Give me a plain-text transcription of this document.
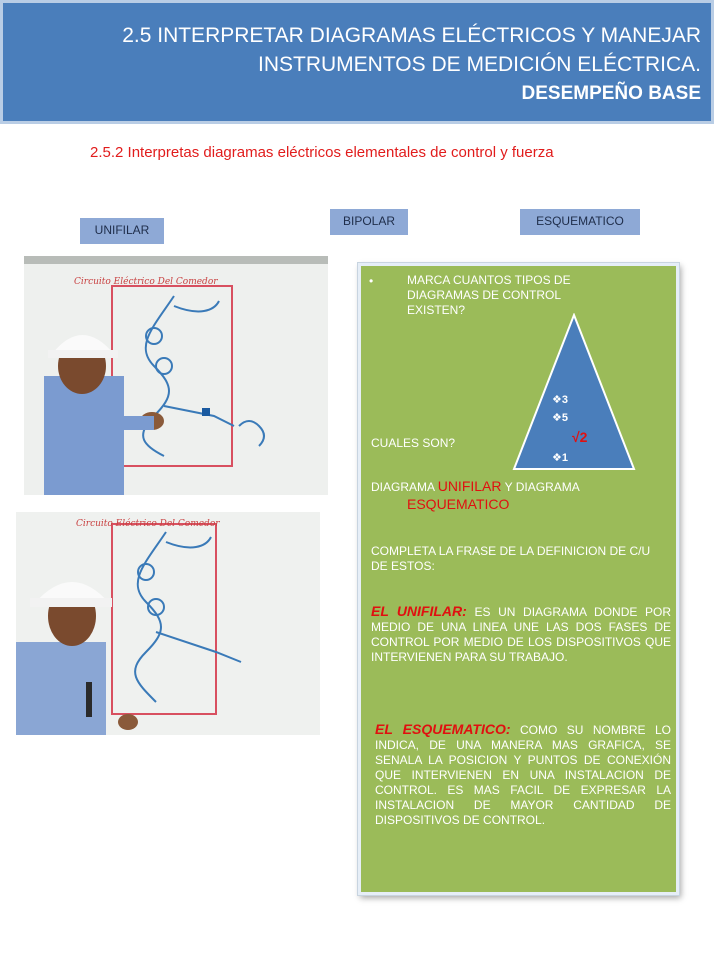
2.5 INTERPRETAR DIAGRAMAS ELÉCTRICOS Y MANEJAR
INSTRUMENTOS DE MEDICIÓN ELÉCTRICA.
DESEMPEÑO BASE
2.5.2 Interpretas diagramas eléctricos elementales de control y fuerza
UNIFILAR
BIPOLAR	ESQUEMATICO
Circuito Eléctrico Del Comedor
Circuito Eléctrico Del Comedor
•	MARCA CUANTOS TIPOS DE DIAGRAMAS DE CONTROL EXISTEN?
CUALES SON?
DIAGRAMA UNIFILAR Y DIAGRAMA
ESQUEMATICO
COMPLETA LA FRASE DE LA DEFINICION DE C/U DE ESTOS:
EL UNIFILAR: ES UN DIAGRAMA DONDE POR MEDIO DE UNA LINEA UNE LAS DOS FASES DE CONTROL POR MEDIO DE LOS DISPOSITIVOS QUE INTERVIENEN PARA SU TRABAJO.
EL ESQUEMATICO: COMO SU NOMBRE LO INDICA, DE UNA MANERA MAS GRAFICA, SE SENALA LA POSICION Y PUNTOS DE CONEXIÓN QUE INTERVIENEN EN UNA INSTALACION DE CONTROL. ES MAS FACIL DE EXPRESAR LA INSTALACION DE MAYOR CANTIDAD DE DISPOSITIVOS DE CONTROL.
❖3
❖5
√2
❖1
